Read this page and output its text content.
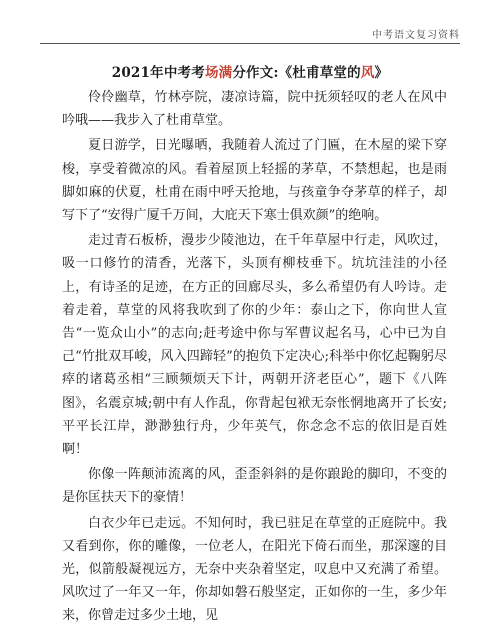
中考语文复习资料
2021年中考考场满分作文:《杜甫草堂的风》

伶伶幽草，竹林亭院，凄凉诗篇，院中抚须轻叹的老人在风中吟哦——我步入了杜甫草堂。

夏日游学，日光曝晒，我随着人流过了门匾，在木屋的梁下穿梭，享受着微凉的风。看着屋顶上轻摇的茅草，不禁想起，也是雨脚如麻的伏夏，杜甫在雨中呼天抢地，与孩童争夺茅草的样子，却写下了“安得广厦千万间，大庇天下寒士俱欢颜”的绝响。

走过青石板桥，漫步少陵池边，在千年草屋中行走，风吹过，吸一口修竹的清香，光落下，头顶有柳枝垂下。坑坑洼洼的小径上，有诗圣的足迹，在方正的回廊尽头，多么希望仍有人吟诗。走着走着，草堂的风将我吹到了你的少年：泰山之下，你向世人宣告“一览众山小”的志向;赶考途中你与军曹议起名马，心中已为自己“竹批双耳峻，风入四蹄轻”的抱负下定决心;科举中你忆起鞠躬尽瘁的诸葛丞相“三顾频烦天下计，两朝开济老臣心”，题下《八阵图》，名震京城;朝中有人作乱，你背起包袱无奈怅惘地离开了长安;平平长江岸，渺渺独行舟，少年英气，你念念不忘的依旧是百姓啊！

你像一阵颠沛流离的风，歪歪斜斜的是你踉跄的脚印，不变的是你匡扶天下的豪情！

白衣少年已走远。不知何时，我已驻足在草堂的正庭院中。我又看到你，你的雕像，一位老人，在阳光下倚石而坐，那深邃的目光，似箭般凝视远方，无奈中夹杂着坚定，叹息中又充满了希望。风吹过了一年又一年，你却如磐石般坚定，正如你的一生，多少年来，你曾走过多少土地，见
